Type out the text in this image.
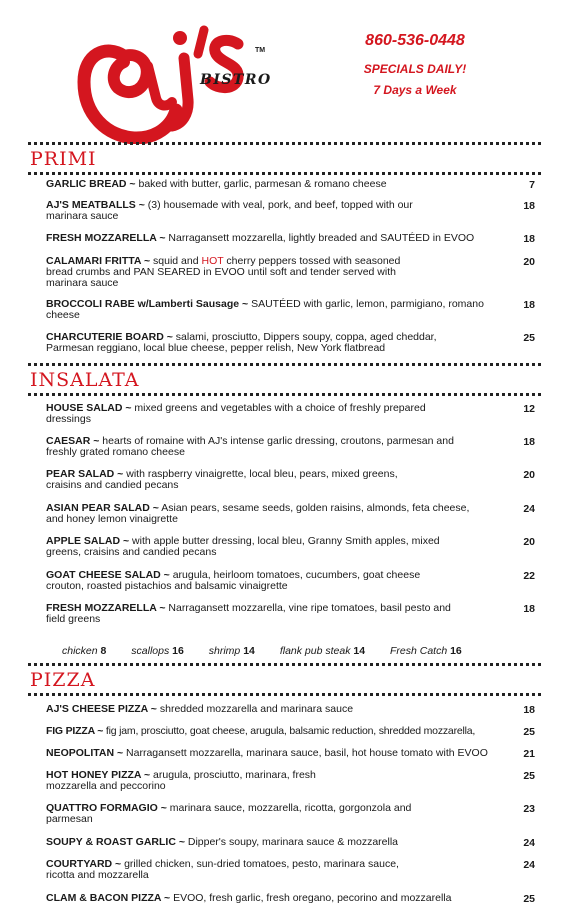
TM
BISTRO
860-536-0448
SPECIALS DAILY!
7 Days a Week
PRIMI
GARLIC BREAD ~ baked with butter, garlic, parmesan & romano cheese	7
AJ'S MEATBALLS ~ (3) housemade with veal, pork, and beef, topped with our marinara sauce
18
FRESH MOZZARELLA ~ Narragansett mozzarella, lightly breaded and SAUTÉED in EVOO	18
CALAMARI FRITTA ~ squid and HOT cherry peppers tossed with seasoned bread crumbs and PAN SEARED in EVOO until soft and tender served with marinara sauce
20
BROCCOLI RABE w/Lamberti Sausage ~ SAUTÉED with garlic, lemon, parmigiano, romano cheese
18
CHARCUTERIE BOARD ~ salami, prosciutto, Dippers soupy, coppa, aged cheddar, Parmesan reggiano, local blue cheese, pepper relish, New York flatbread
25
INSALATA
HOUSE SALAD ~ mixed greens and vegetables with a choice of freshly prepared dressings
12
CAESAR ~ hearts of romaine with AJ's intense garlic dressing, croutons, parmesan and freshly grated romano cheese
18
PEAR SALAD ~ with raspberry vinaigrette, local bleu, pears, mixed greens, craisins and candied pecans
20
ASIAN PEAR SALAD ~ Asian pears, sesame seeds, golden raisins, almonds, feta cheese, and honey lemon vinaigrette
24
APPLE SALAD ~ with apple butter dressing, local bleu, Granny Smith apples, mixed greens, craisins and candied pecans
20
GOAT CHEESE SALAD ~ arugula, heirloom tomatoes, cucumbers, goat cheese crouton, roasted pistachios and balsamic vinaigrette
22
FRESH MOZZARELLA ~ Narragansett mozzarella, vine ripe tomatoes, basil pesto and field greens
18
chicken 8 scallops 16 shrimp 14 flank pub steak 14 Fresh Catch 16
PIZZA
AJ'S CHEESE PIZZA ~ shredded mozzarella and marinara sauce	18
FIG PIZZA ~ fig jam, prosciutto, goat cheese, arugula, balsamic reduction, shredded mozzarella,	25
NEOPOLITAN ~ Narragansett mozzarella, marinara sauce, basil, hot house tomato with EVOO	21
HOT HONEY PIZZA ~ arugula, prosciutto, marinara, fresh mozzarella and peccorino
25
QUATTRO FORMAGIO ~ marinara sauce, mozzarella, ricotta, gorgonzola and parmesan
23
SOUPY & ROAST GARLIC ~ Dipper's soupy, marinara sauce & mozzarella	24
COURTYARD ~ grilled chicken, sun-dried tomatoes, pesto, marinara sauce, ricotta and mozzarella
24
CLAM & BACON PIZZA ~ EVOO, fresh garlic, fresh oregano, pecorino and mozzarella	25
